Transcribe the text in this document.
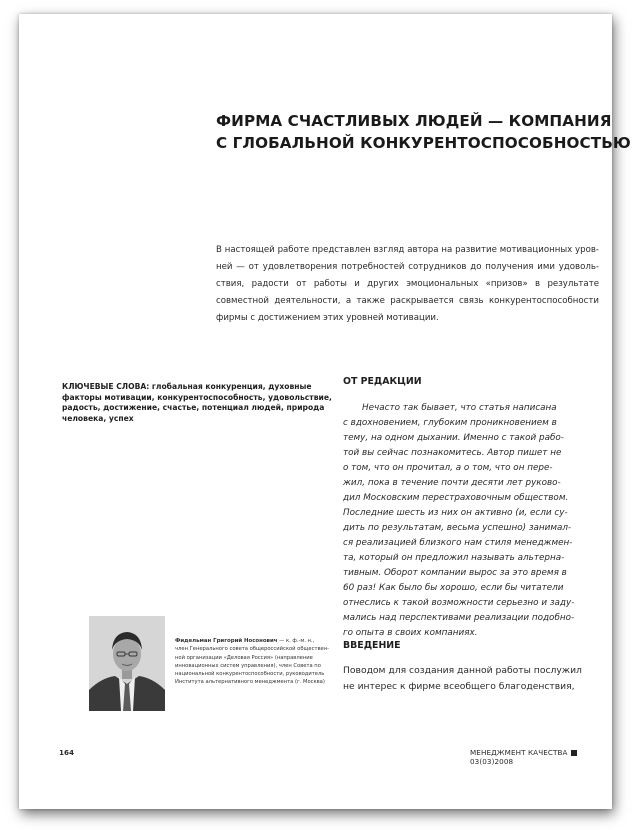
ФИРМА СЧАСТЛИВЫХ ЛЮДЕЙ — КОМПАНИЯ
С ГЛОБАЛЬНОЙ КОНКУРЕНТОСПОСОБНОСТЬЮ
В настоящей работе представлен взгляд автора на развитие мотивационных уров-
ней — от удовлетворения потребностей сотрудников до получения ими удоволь-
ствия, радости от работы и других эмоциональных «призов» в результате
совместной деятельности, а также раскрывается связь конкурентоспособности
фирмы с достижением этих уровней мотивации.
КЛЮЧЕВЫЕ СЛОВА: глобальная конкуренция, духовные
факторы мотивации, конкурентоспособность, удовольствие,
радость, достижение, счастье, потенциал людей, природа
человека, успех
ОТ РЕДАКЦИИ
Нечасто так бывает, что статья написана
с вдохновением, глубоким проникновением в
тему, на одном дыхании. Именно с такой рабо-
той вы сейчас познакомитесь. Автор пишет не
о том, что он прочитал, а о том, что он пере-
жил, пока в течение почти десяти лет руково-
дил Московским перестраховочным обществом.
Последние шесть из них он активно (и, если су-
дить по результатам, весьма успешно) занимал-
ся реализацией близкого нам стиля менеджмен-
та, который он предложил называть альтерна-
тивным. Оборот компании вырос за это время в
60 раз! Как было бы хорошо, если бы читатели
отнеслись к такой возможности серьезно и заду-
мались над перспективами реализации подобно-
го опыта в своих компаниях.
ВВЕДЕНИЕ
Поводом для создания данной работы послужил
не интерес к фирме всеобщего благоденствия,
Фидельман Григорий Носонович — к. ф.-м. н.,
член Генерального совета общероссийской обществен-
ной организации «Деловая Россия» (направление
инновационных систем управления), член Совета по
национальной конкурентоспособности, руководитель
Института альтернативного менеджмента (г. Москва)
164	МЕНЕДЖМЕНТ КАЧЕСТВА03(03)2008
